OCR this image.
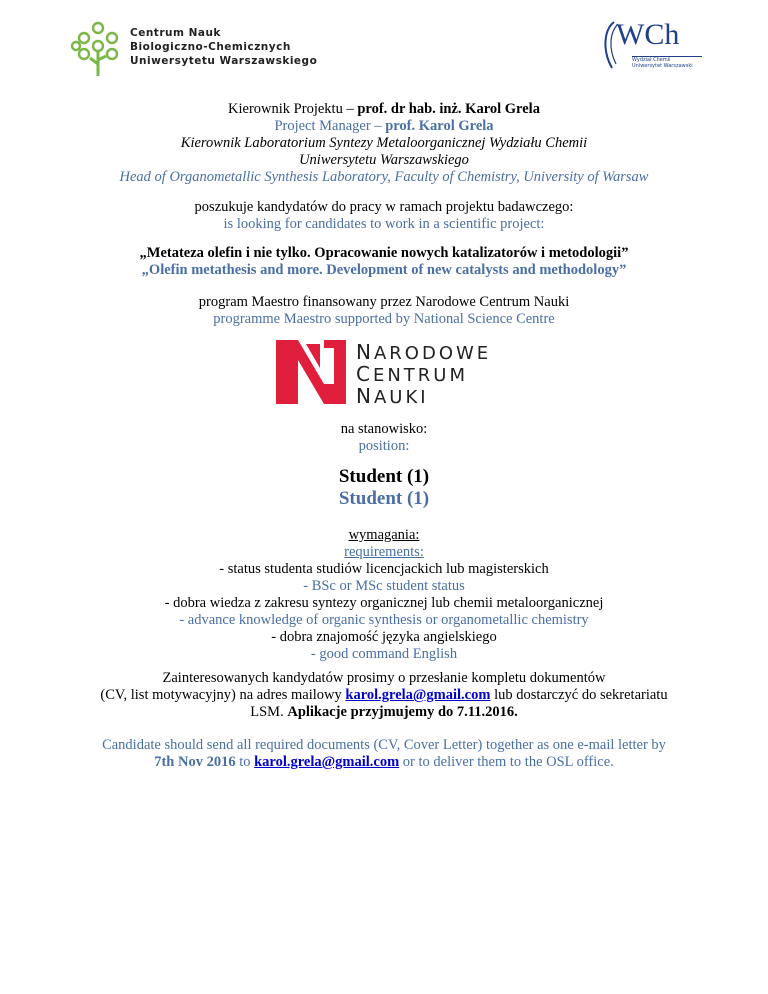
Centrum Nauk
Biologiczno-Chemicznych
Uniwersytetu Warszawskiego
WCh
Wydział Chemii
Uniwersytet Warszawski
Kierownik Projektu – prof. dr hab. inż. Karol Grela
Project Manager – prof. Karol Grela
Kierownik Laboratorium Syntezy Metaloorganicznej Wydziału Chemii
Uniwersytetu Warszawskiego
Head of Organometallic Synthesis Laboratory, Faculty of Chemistry, University of Warsaw
poszukuje kandydatów do pracy w ramach projektu badawczego:
is looking for candidates to work in a scientific project:
„Metateza olefin i nie tylko. Opracowanie nowych katalizatorów i metodologii”
„Olefin metathesis and more. Development of new catalysts and methodology”
program Maestro finansowany przez Narodowe Centrum Nauki
programme Maestro supported by National Science Centre
NARODOWE
CENTRUM
NAUKI
na stanowisko:
position:
Student (1)
Student (1)
wymagania:
requirements:
- status studenta studiów licencjackich lub magisterskich
- BSc or MSc student status
- dobra wiedza z zakresu syntezy organicznej lub chemii metaloorganicznej
- advance knowledge of organic synthesis or organometallic chemistry
- dobra znajomość języka angielskiego
- good command English
Zainteresowanych kandydatów prosimy o przesłanie kompletu dokumentów
(CV, list motywacyjny) na adres mailowy karol.grela@gmail.com lub dostarczyć do sekretariatu
LSM. Aplikacje przyjmujemy do 7.11.2016.
Candidate should send all required documents (CV, Cover Letter) together as one e-mail letter by
7th Nov 2016 to karol.grela@gmail.com or to deliver them to the OSL office.
